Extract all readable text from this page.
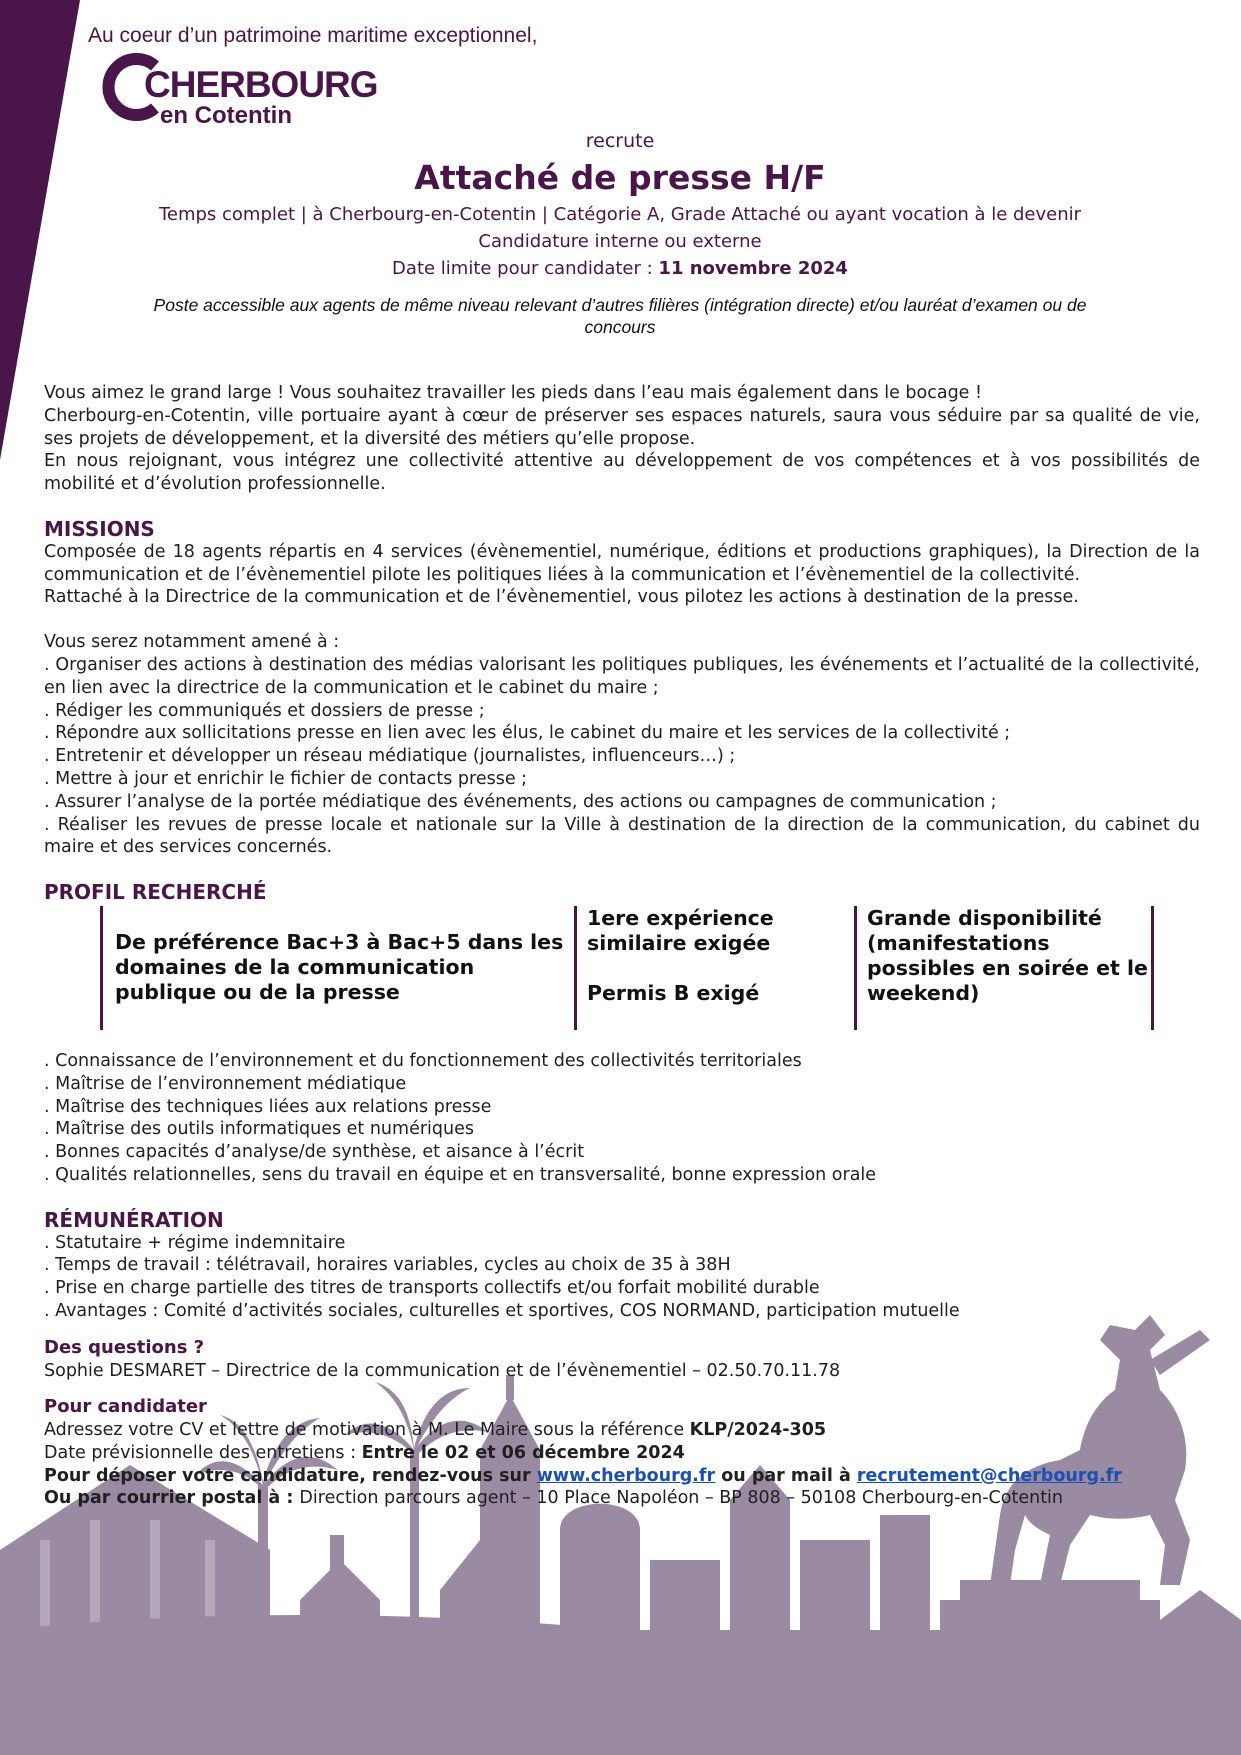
Au coeur d’un patrimoine maritime exceptionnel,
CHERBOURG
en Cotentin
recrute
Attaché de presse H/F
Temps complet | à Cherbourg-en-Cotentin | Catégorie A, Grade Attaché ou ayant vocation à le devenir
Candidature interne ou externe
Date limite pour candidater : 11 novembre 2024
Poste accessible aux agents de même niveau relevant d’autres filières (intégration directe) et/ou lauréat d’examen ou de concours

Vous aimez le grand large ! Vous souhaitez travailler les pieds dans l’eau mais également dans le bocage !

Cherbourg-en-Cotentin, ville portuaire ayant à cœur de préserver ses espaces naturels, saura vous séduire par sa qualité de vie, ses projets de développement, et la diversité des métiers qu’elle propose.

En nous rejoignant, vous intégrez une collectivité attentive au développement de vos compétences et à vos possibilités de mobilité et d’évolution professionnelle.

MISSIONS

Composée de 18 agents répartis en 4 services (évènementiel, numérique, éditions et productions graphiques), la Direction de la communication et de l’évènementiel pilote les politiques liées à la communication et l’évènementiel de la collectivité.

Rattaché à la Directrice de la communication et de l’évènementiel, vous pilotez les actions à destination de la presse.

Vous serez notamment amené à :

. Organiser des actions à destination des médias valorisant les politiques publiques, les événements et l’actualité de la collectivité, en lien avec la directrice de la communication et le cabinet du maire ;

. Rédiger les communiqués et dossiers de presse ;

. Répondre aux sollicitations presse en lien avec les élus, le cabinet du maire et les services de la collectivité ;

. Entretenir et développer un réseau médiatique (journalistes, influenceurs…) ;

. Mettre à jour et enrichir le fichier de contacts presse ;

. Assurer l’analyse de la portée médiatique des événements, des actions ou campagnes de communication ;

. Réaliser les revues de presse locale et nationale sur la Ville à destination de la direction de la communication, du cabinet du maire et des services concernés.

PROFIL RECHERCHÉ
De préférence Bac+3 à Bac+5 dans les domaines de la communication publique ou de la presse
1ere expérience similaire exigée
Permis B exigé
Grande disponibilité (manifestations possibles en soirée et le weekend)

. Connaissance de l’environnement et du fonctionnement des collectivités territoriales

. Maîtrise de l’environnement médiatique

. Maîtrise des techniques liées aux relations presse

. Maîtrise des outils informatiques et numériques

. Bonnes capacités d’analyse/de synthèse, et aisance à l’écrit

. Qualités relationnelles, sens du travail en équipe et en transversalité, bonne expression orale

RÉMUNÉRATION

. Statutaire + régime indemnitaire

. Temps de travail : télétravail, horaires variables, cycles au choix de 35 à 38H

. Prise en charge partielle des titres de transports collectifs et/ou forfait mobilité durable

. Avantages : Comité d’activités sociales, culturelles et sportives, COS NORMAND, participation mutuelle

Des questions ?

Sophie DESMARET – Directrice de la communication et de l’évènementiel – 02.50.70.11.78

Pour candidater

Adressez votre CV et lettre de motivation à M. Le Maire sous la référence KLP/2024-305

Date prévisionnelle des entretiens : Entre le 02 et 06 décembre 2024

Pour déposer votre candidature, rendez-vous sur www.cherbourg.fr ou par mail à recrutement@cherbourg.fr

Ou par courrier postal à : Direction parcours agent – 10 Place Napoléon – BP 808 – 50108 Cherbourg-en-Cotentin
